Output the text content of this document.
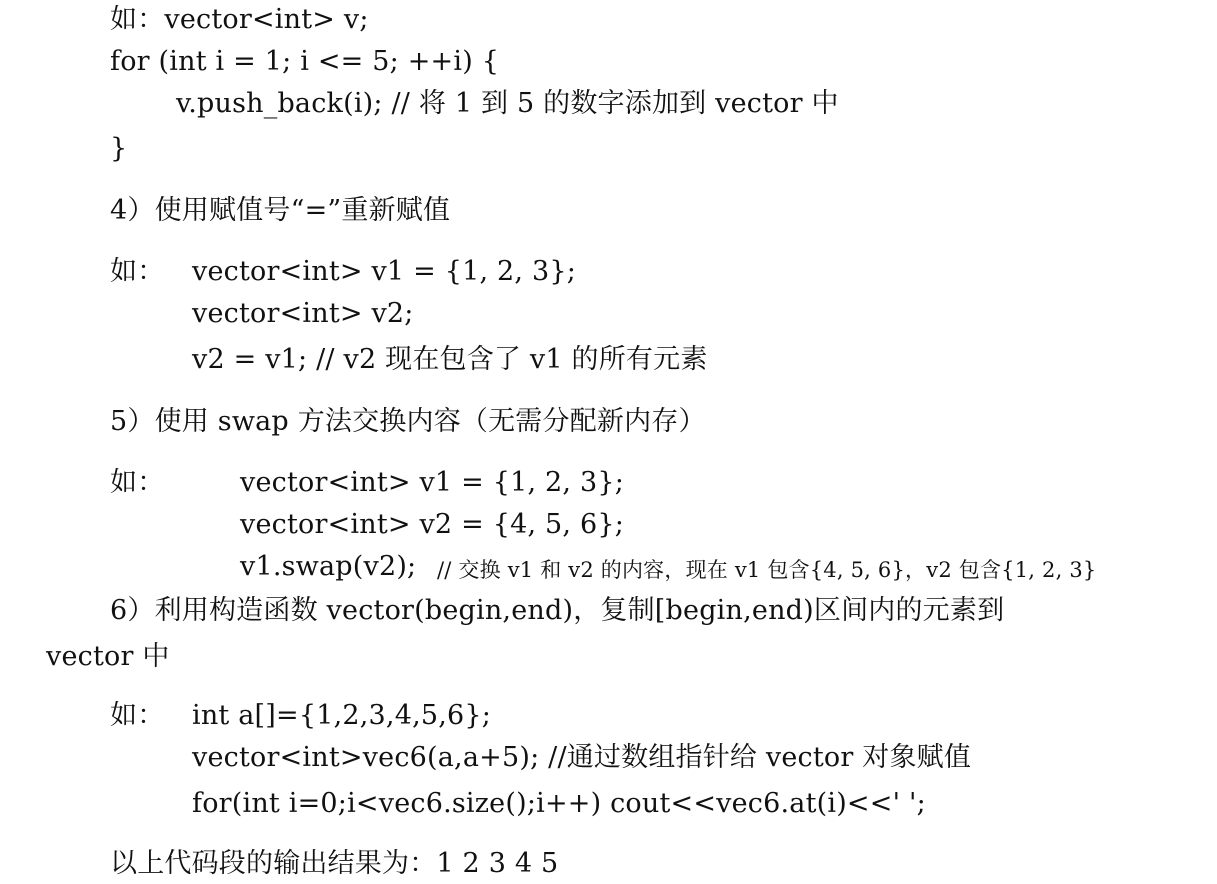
如：vector<int> v;
for (int i = 1; i <= 5; ++i) {
v.push_back(i); // 将 1 到 5 的数字添加到 vector 中
}
4）使用赋值号“=”重新赋值
如： vector<int> v1 = {1, 2, 3};
vector<int> v2;
v2 = v1; // v2 现在包含了 v1 的所有元素
5）使用 swap 方法交换内容（无需分配新内存）
如：	vector<int> v1 = {1, 2, 3};
vector<int> v2 = {4, 5, 6};
v1.swap(v2); // 交换 v1 和 v2 的内容，现在 v1 包含{4, 5, 6}，v2 包含{1, 2, 3}
6）利用构造函数 vector(begin,end)，复制[begin,end)区间内的元素到
vector 中
如： int a[]={1,2,3,4,5,6};
vector<int>vec6(a,a+5); //通过数组指针给 vector 对象赋值
for(int i=0;i<vec6.size();i++) cout<<vec6.at(i)<<' ';
以上代码段的输出结果为：1 2 3 4 5
